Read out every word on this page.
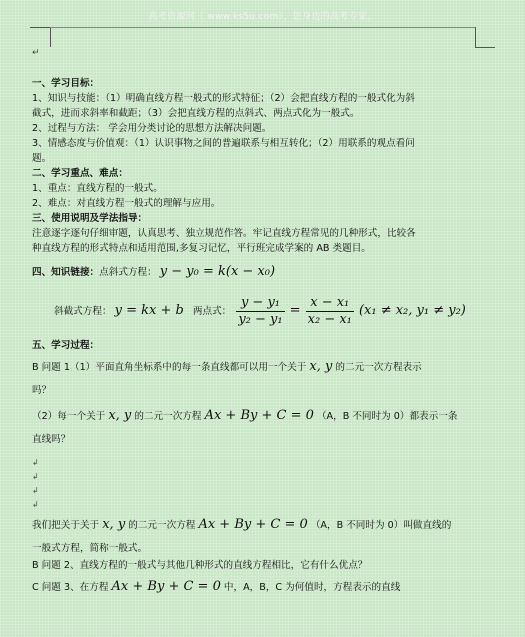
高考资源网（ www.ks5u.com），您身边的高考专家。
↵
一、学习目标：
1、知识与技能：（1）明确直线方程一般式的形式特征；（2）会把直线方程的一般式化为斜
截式，进而求斜率和截距；（3）会把直线方程的点斜式、两点式化为一般式。
2、过程与方法： 学会用分类讨论的思想方法解决问题。
3、情感态度与价值观：（1）认识事物之间的普遍联系与相互转化；（2）用联系的观点看问
题。
二、学习重点、难点：
1、重点：直线方程的一般式。
2、难点：对直线方程一般式的理解与应用。
三、使用说明及学法指导：
注意逐字逐句仔细审题，认真思考、独立规范作答。牢记直线方程常见的几种形式，比较各
种直线方程的形式特点和适用范围,多复习记忆，平行班完成学案的 AB 类题目。
四、知识链接：点斜式方程： y − y₀ = k(x − x₀)
斜截式方程： y = kx + b 两点式： $\frac{\text{y − y₁}}{\text{y₂ − y₁}} = \frac{\text{x − x₁}}{\text{x₂ − x₁}} (x_1 \ne x_2$, y₁ ≠ y₂)
五、学习过程：
B 问题 1（1）平面直角坐标系中的每一条直线都可以用一个关于 x, y 的二元一次方程表示
吗？
（2）每一个关于 x, y 的二元一次方程 Ax + By + C = 0 （A，B 不同时为 0）都表示一条
直线吗？
↲
↲
↲
↲
我们把关于关于 x, y 的二元一次方程 Ax + By + C = 0 （A，B 不同时为 0）叫做直线的
一般式方程，简称一般式。
B 问题 2、直线方程的一般式与其他几种形式的直线方程相比，它有什么优点？
C 问题 3、在方程 Ax + By + C = 0 中，A，B，C 为何值时，方程表示的直线
